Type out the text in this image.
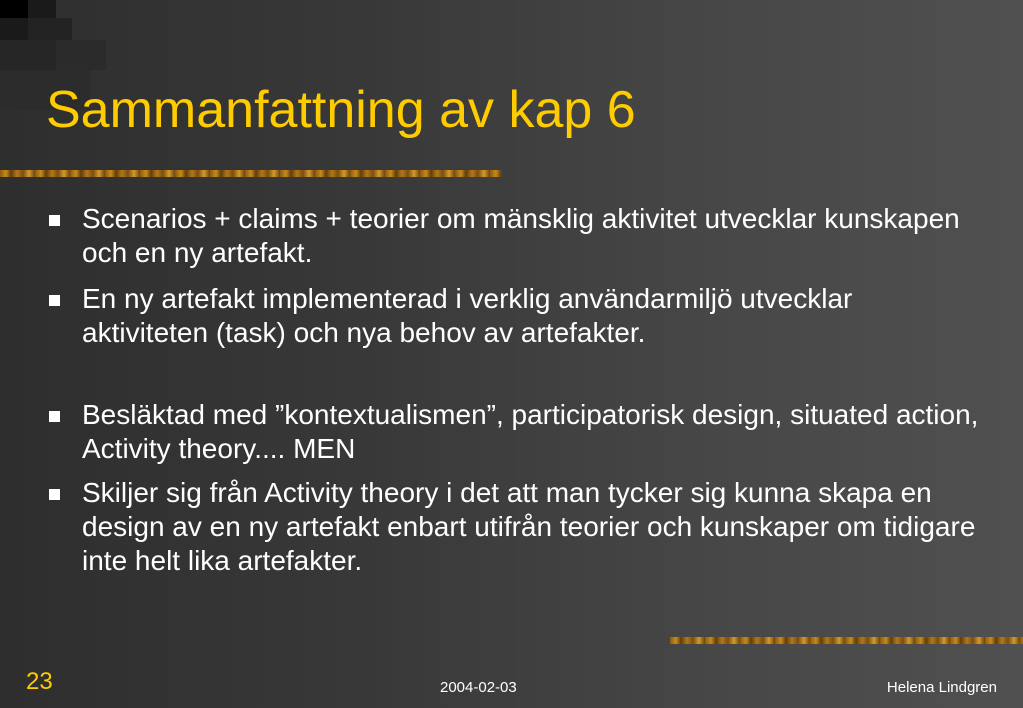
Sammanfattning av kap 6
Scenarios + claims + teorier om mänsklig aktivitet utvecklar kunskapen och en ny artefakt.
En ny artefakt implementerad i verklig användarmiljö utvecklar aktiviteten (task) och nya behov av artefakter.
Besläktad med ”kontextualismen”, participatorisk design, situated action, Activity theory.... MEN
Skiljer sig från Activity theory i det att man tycker sig kunna skapa en design av en ny artefakt enbart utifrån teorier och kunskaper om tidigare inte helt lika artefakter.
23	2004-02-03	Helena Lindgren
